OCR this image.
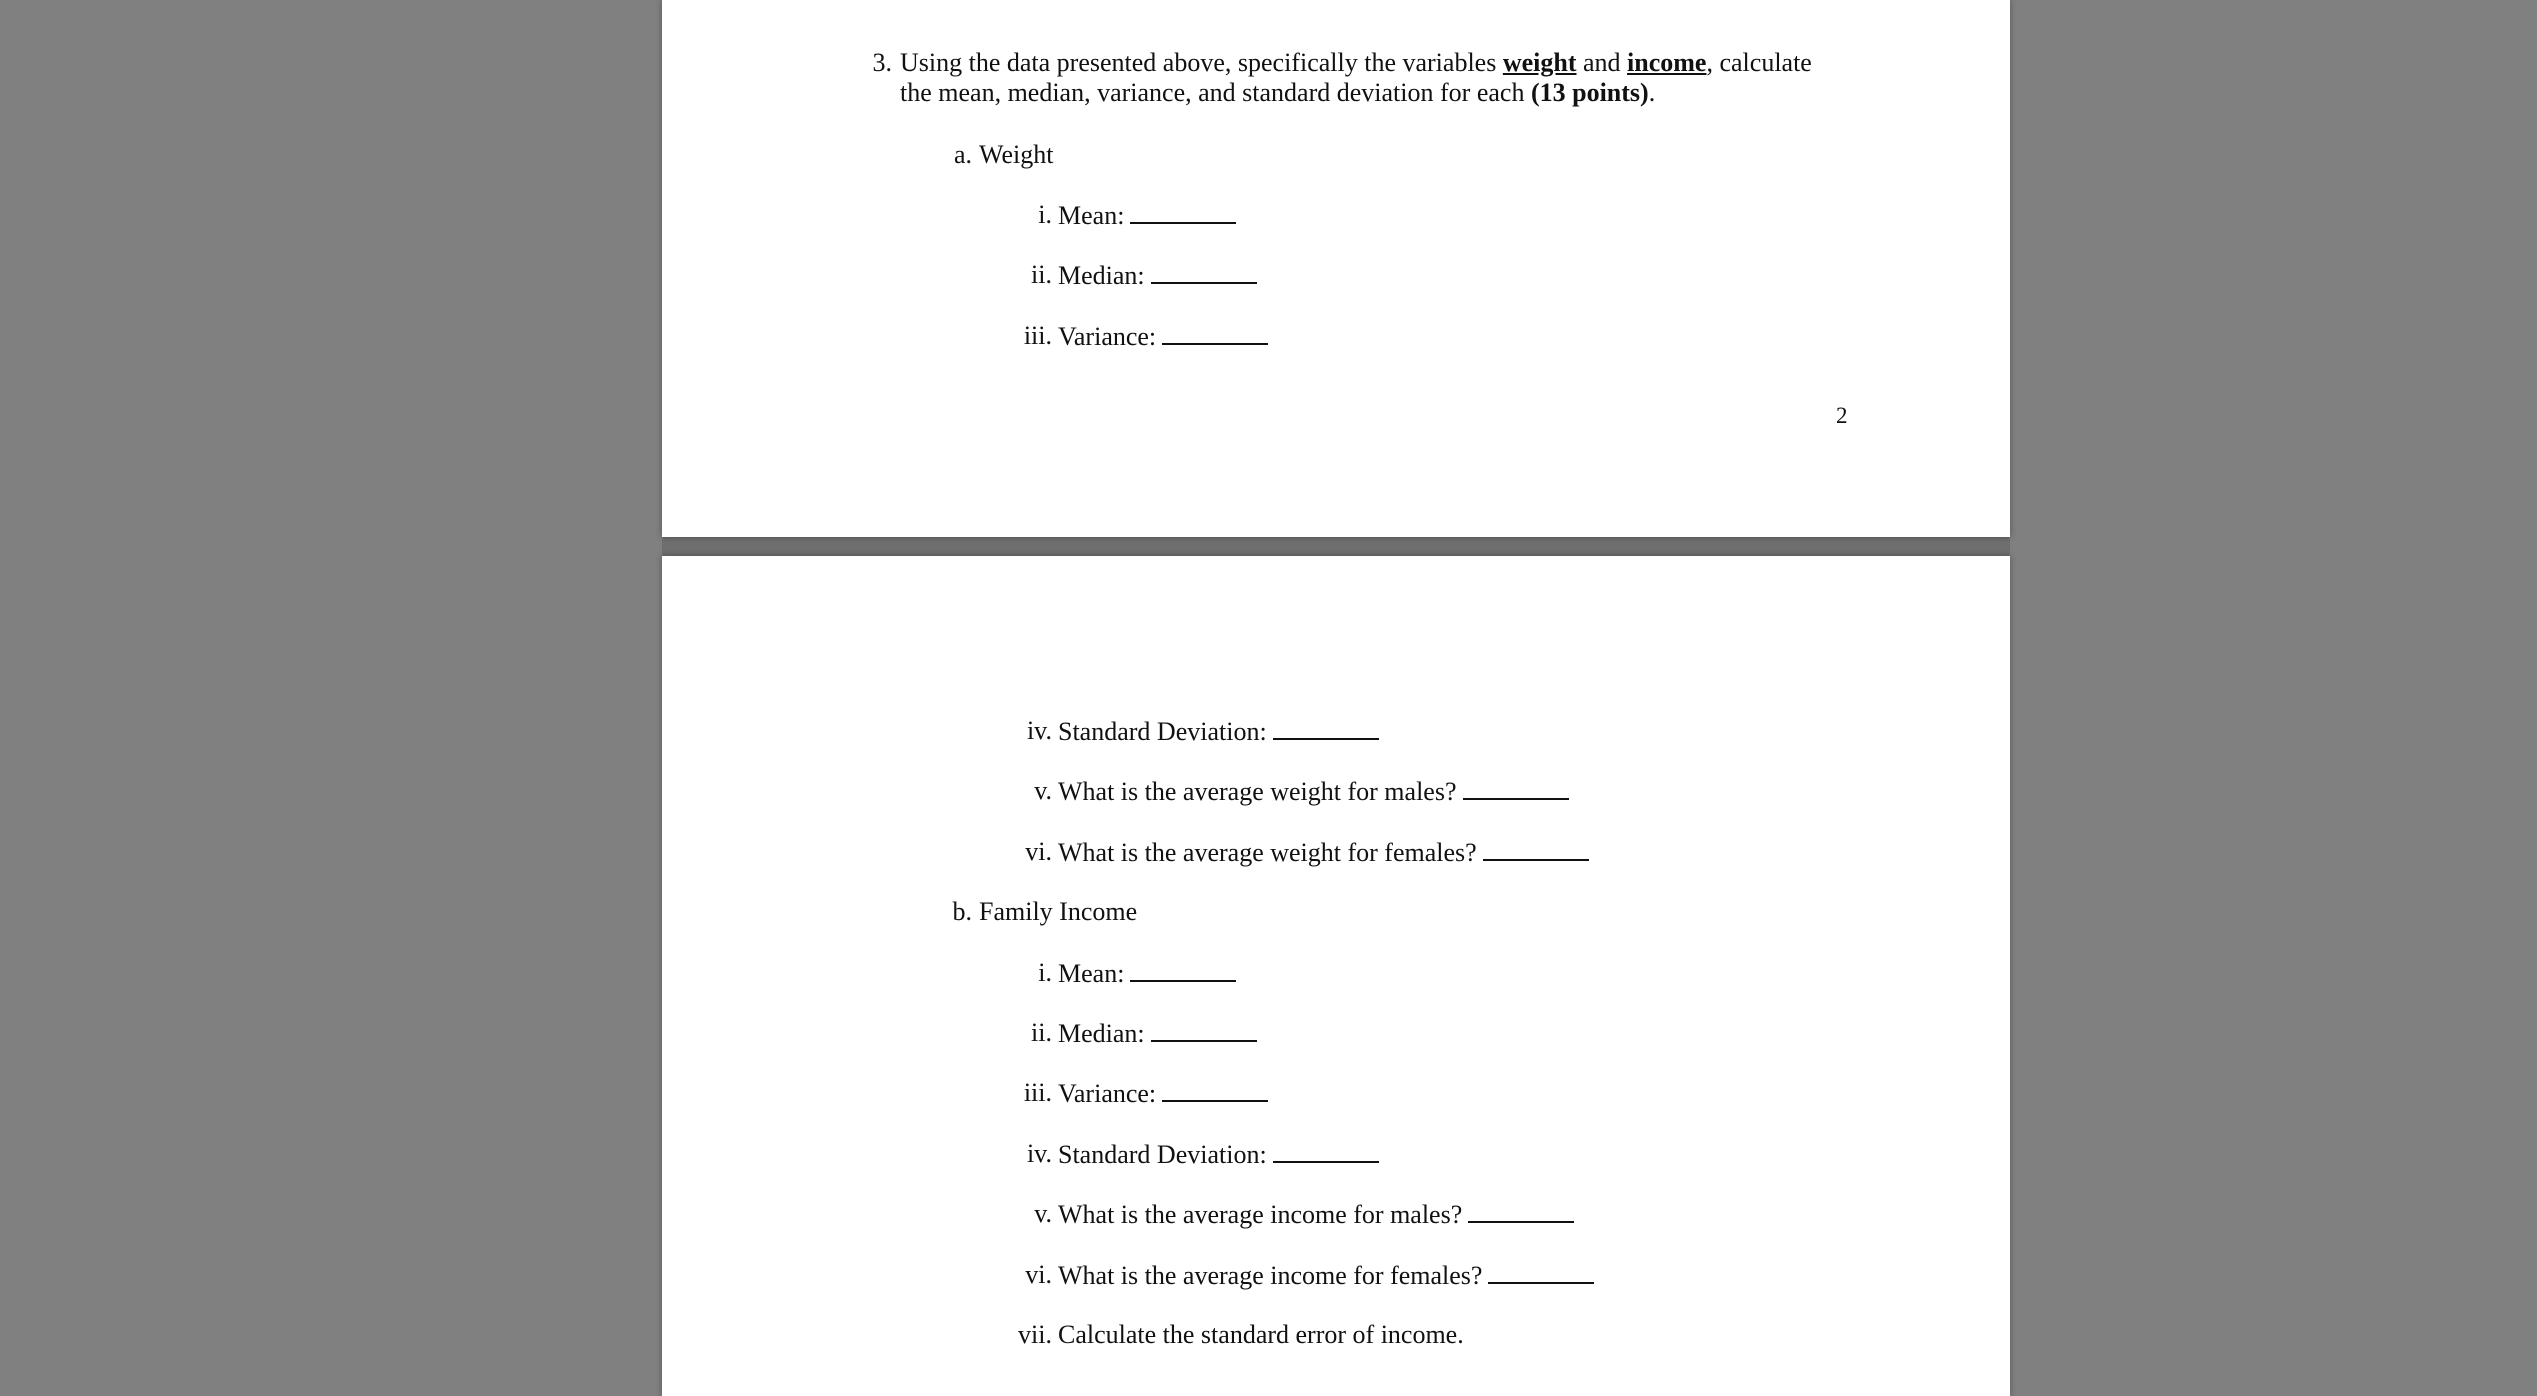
3. Using the data presented above, specifically the variables weight and income, calculate
the mean, median, variance, and standard deviation for each (13 points).
a. Weight
i. Mean:
ii. Median:
iii. Variance:
2
iv. Standard Deviation:
v. What is the average weight for males?
vi. What is the average weight for females?
b. Family Income
i. Mean:
ii. Median:
iii. Variance:
iv. Standard Deviation:
v. What is the average income for males?
vi. What is the average income for females?
vii. Calculate the standard error of income.
